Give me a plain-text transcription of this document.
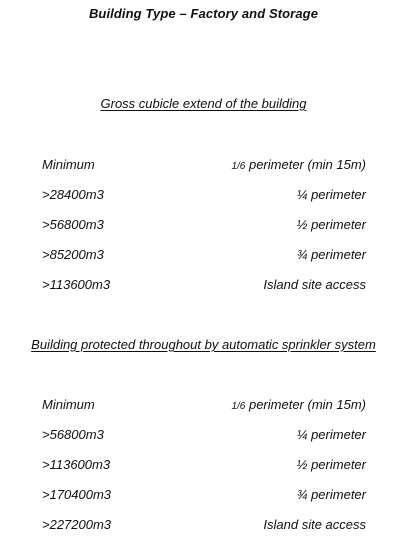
Building Type – Factory and Storage
Gross cubicle extend of the building
Minimum	1/6 perimeter (min 15m)
>28400m3	¼ perimeter
>56800m3	½ perimeter
>85200m3	¾ perimeter
>113600m3	Island site access
Building protected throughout by automatic sprinkler system
Minimum	1/6 perimeter (min 15m)
>56800m3	¼ perimeter
>113600m3	½ perimeter
>170400m3	¾ perimeter
>227200m3	Island site access
